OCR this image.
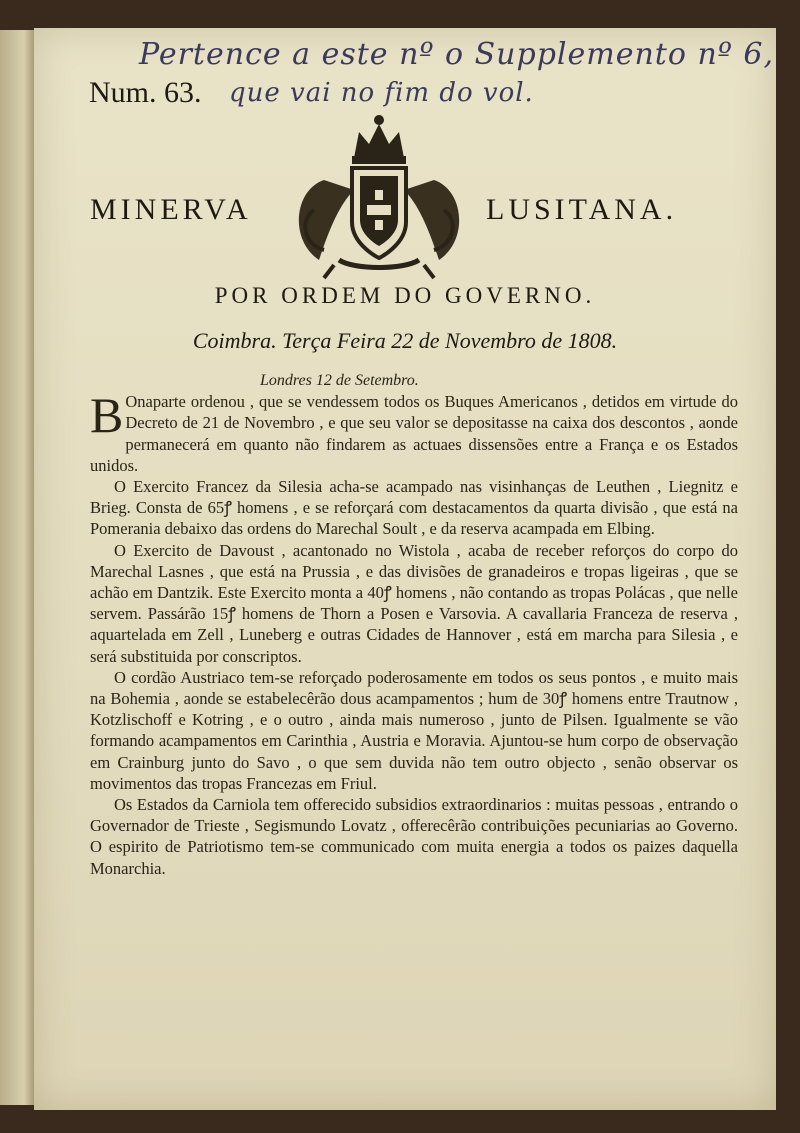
Pertence a este nº o Supplemento nº 6,
que vai no fim do vol.
Num. 63.
MINERVA	LUSITANA.
POR ORDEM DO GOVERNO.
Coimbra. Terça Feira 22 de Novembro de 1808.
Londres 12 de Setembro.

B Onaparte ordenou , que se vendessem todos os Buques Americanos , detidos em virtude do Decreto de 21 de Novembro , e que seu valor se depositasse na caixa dos descontos , aonde permanecerá em quanto não findarem as actuaes dissensões entre a França e os Estados unidos.

O Exercito Francez da Silesia acha-se acampado nas visinhanças de Leuthen , Liegnitz e Brieg. Consta de 65ꝭ homens , e se reforçará com destacamentos da quarta divisão , que está na Pomerania debaixo das ordens do Marechal Soult , e da reserva acampada em Elbing.

O Exercito de Davoust , acantonado no Wistola , acaba de receber reforços do corpo do Marechal Lasnes , que está na Prussia , e das divisões de granadeiros e tropas ligeiras , que se achão em Dantzik. Este Exercito monta a 40ꝭ homens , não contando as tropas Polácas , que nelle servem. Passárão 15ꝭ homens de Thorn a Posen e Varsovia. A cavallaria Franceza de reserva , aquartelada em Zell , Luneberg e outras Cidades de Hannover , está em marcha para Silesia , e será substituida por conscriptos.

O cordão Austriaco tem-se reforçado poderosamente em todos os seus pontos , e muito mais na Bohemia , aonde se estabelecêrão dous acampamentos ; hum de 30ꝭ homens entre Trautnow , Kotzlischoff e Kotring , e o outro , ainda mais numeroso , junto de Pilsen. Igualmente se vão formando acampamentos em Carinthia , Austria e Moravia. Ajuntou-se hum corpo de observação em Crainburg junto do Savo , o que sem duvida não tem outro objecto , senão observar os movimentos das tropas Francezas em Friul.

Os Estados da Carniola tem offerecido subsidios extraordinarios : muitas pessoas , entrando o Governador de Trieste , Segismundo Lovatz , offerecêrão contribuições pecuniarias ao Governo. O espirito de Patriotismo tem-se communicado com muita energia a todos os paizes daquella Monarchia.
